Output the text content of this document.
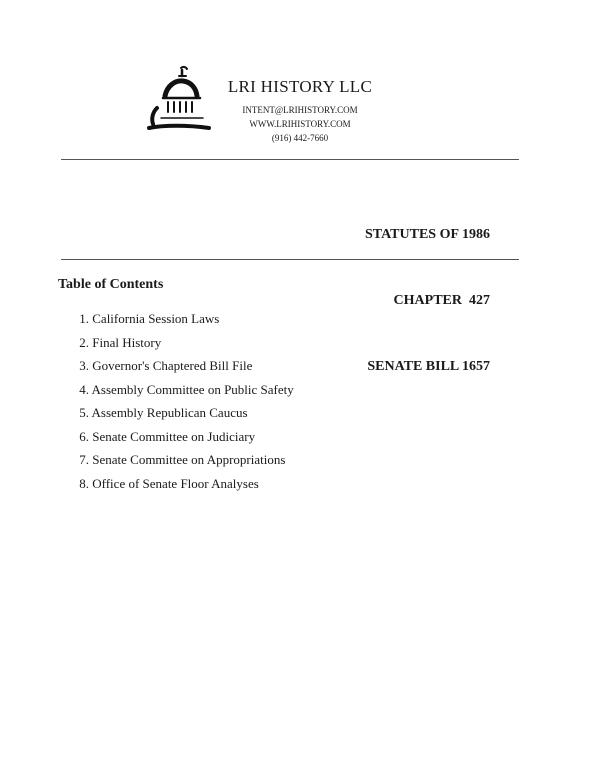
LRI HISTORY LLC
INTENT@LRIHISTORY.COM
WWW.LRIHISTORY.COM
(916) 442-7660

STATUTES OF 1986

CHAPTER  427

SENATE BILL 1657

Table of Contents
1. California Session Laws
2. Final History
3. Governor's Chaptered Bill File
4. Assembly Committee on Public Safety
5. Assembly Republican Caucus
6. Senate Committee on Judiciary
7. Senate Committee on Appropriations
8. Office of Senate Floor Analyses
